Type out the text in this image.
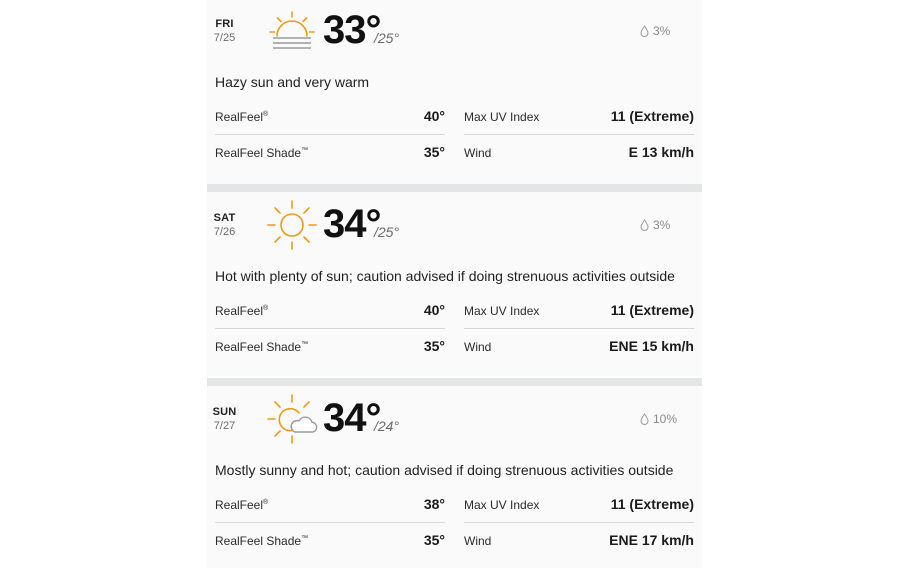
FRI
7/25 33°
/25°	3%
Hazy sun and very warm
RealFeel®	40° Max UV Index	11 (Extreme)
RealFeel Shade™	35° Wind	E 13 km/h
SAT
7/26 34°
/25°	3%
Hot with plenty of sun; caution advised if doing strenuous activities outside
RealFeel®	40° Max UV Index	11 (Extreme)
RealFeel Shade™	35° Wind	ENE 15 km/h
SUN
7/27 34°
/24°	10%
Mostly sunny and hot; caution advised if doing strenuous activities outside
RealFeel®	38° Max UV Index	11 (Extreme)
RealFeel Shade™	35° Wind	ENE 17 km/h
